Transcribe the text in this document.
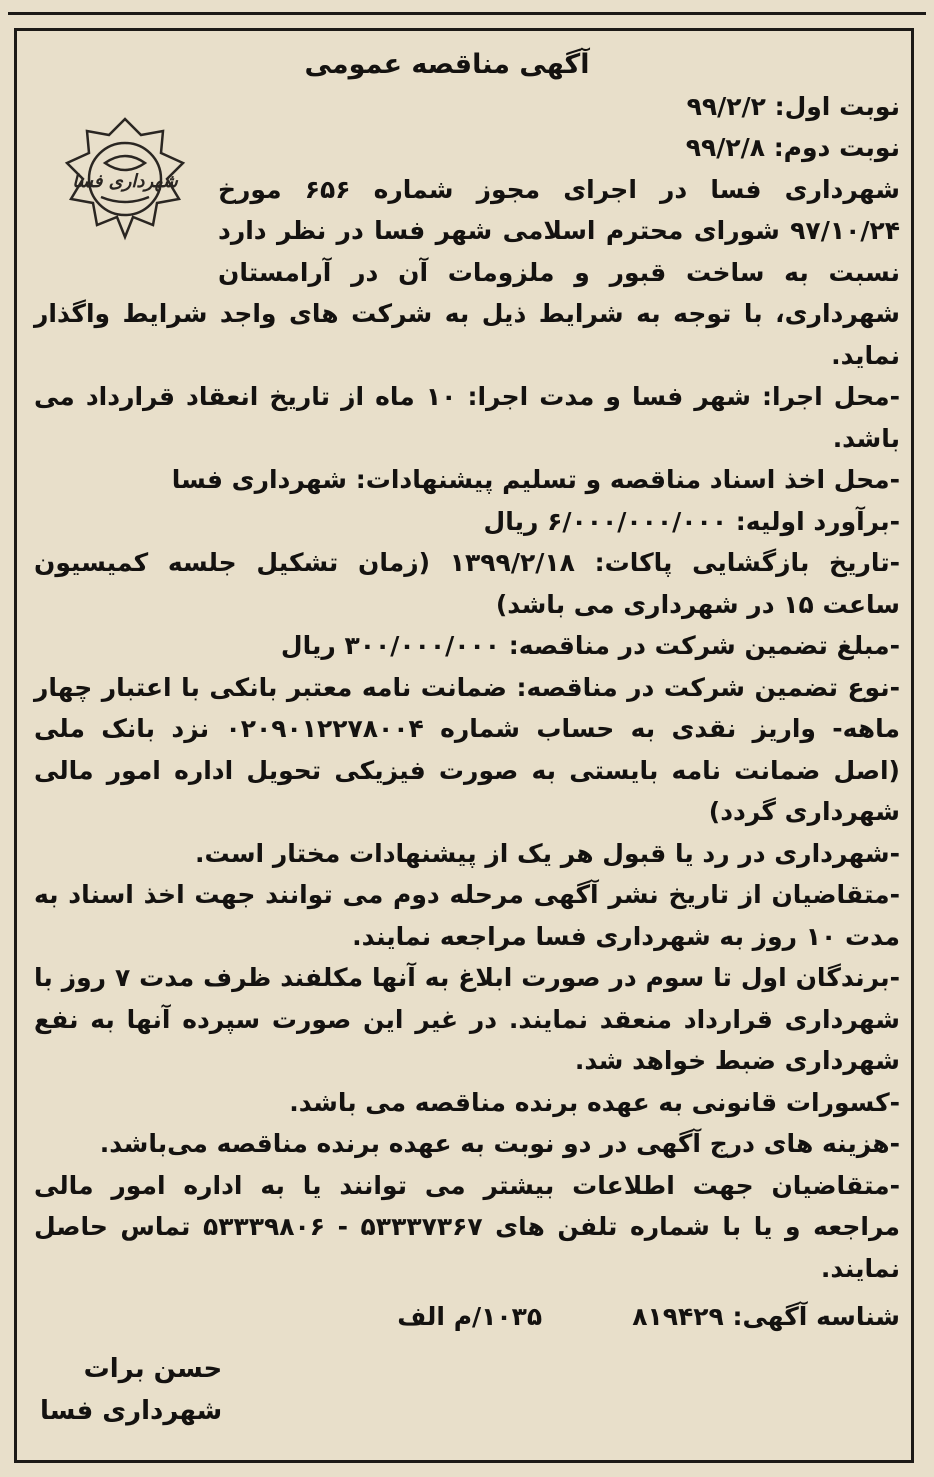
آگهی مناقصه عمومی
شهرداری فسا
نوبت اول: ۹۹/۲/۲
نوبت دوم: ۹۹/۲/۸
شهرداری فسا در اجرای مجوز شماره ۶۵۶ مورخ ۹۷/۱۰/۲۴ شورای محترم اسلامی شهر فسا در نظر دارد نسبت به ساخت قبور و ملزومات آن در آرامستان شهرداری، با توجه به شرایط ذیل به شرکت های واجد شرایط واگذار نماید.
-محل اجرا: شهر فسا و مدت اجرا: ۱۰ ماه از تاریخ انعقاد قرارداد می باشد.
-محل اخذ اسناد مناقصه و تسلیم پیشنهادات: شهرداری فسا
-برآورد اولیه: ۶/۰۰۰/۰۰۰/۰۰۰ ریال
-تاریخ بازگشایی پاکات: ۱۳۹۹/۲/۱۸ (زمان تشکیل جلسه کمیسیون ساعت ۱۵ در شهرداری می باشد)
-مبلغ تضمین شرکت در مناقصه: ۳۰۰/۰۰۰/۰۰۰ ریال
-نوع تضمین شرکت در مناقصه: ضمانت نامه معتبر بانکی با اعتبار چهار ماهه- واریز نقدی به حساب شماره ۰۲۰۹۰۱۲۲۷۸۰۰۴ نزد بانک ملی (اصل ضمانت نامه بایستی به صورت فیزیکی تحویل اداره امور مالی شهرداری گردد)
-شهرداری در رد یا قبول هر یک از پیشنهادات مختار است.
-متقاضیان از تاریخ نشر آگهی مرحله دوم می توانند جهت اخذ اسناد به مدت ۱۰ روز به شهرداری فسا مراجعه نمایند.
-برندگان اول تا سوم در صورت ابلاغ به آنها مکلفند ظرف مدت ۷ روز با شهرداری قرارداد منعقد نمایند. در غیر این صورت سپرده آنها به نفع شهرداری ضبط خواهد شد.
-کسورات قانونی به عهده برنده مناقصه می باشد.
-هزینه های درج آگهی در دو نوبت به عهده برنده مناقصه می‌باشد.
-متقاضیان جهت اطلاعات بیشتر می توانند یا به اداره امور مالی مراجعه و یا با شماره تلفن های ۵۳۳۳۷۳۶۷ - ۵۳۳۳۹۸۰۶ تماس حاصل نمایند.
شناسه آگهی: ۸۱۹۴۲۹
۱۰۳۵/م الف
حسن برات
شهرداری فسا
